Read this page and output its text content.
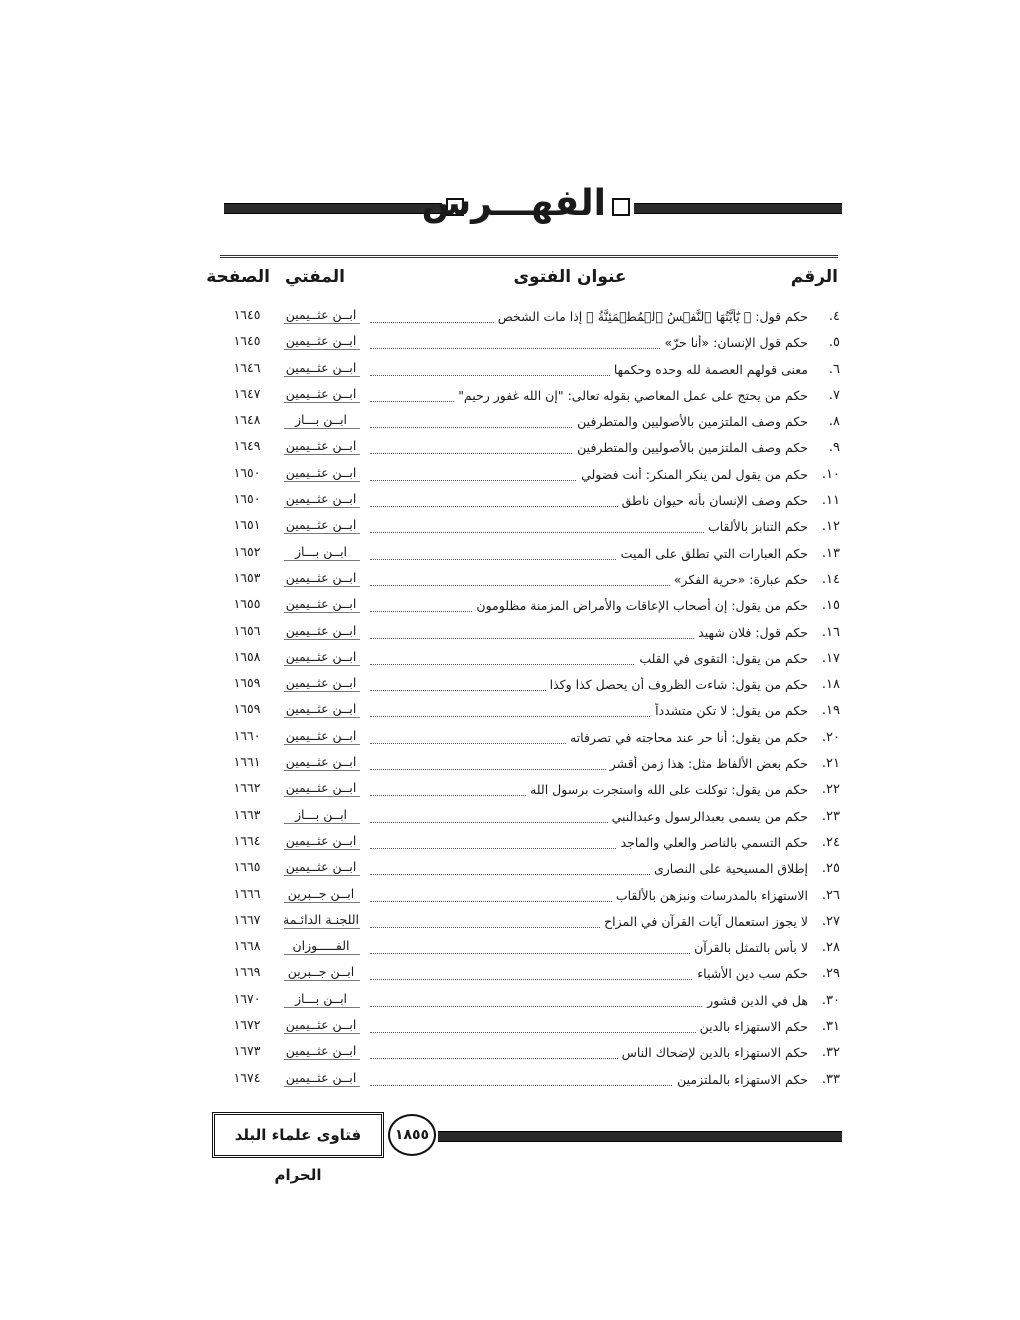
الفهـــرس
الرقم
عنوان الفتوى
المفتي
الصفحة
٤.
حكم قول: ﴿ يَٰٓأَيَّتُهَا ٱلنَّفۡسُ ٱلۡمُطۡمَئِنَّةُ ﴾ إذا مات الشخص
ابــن عثــيمين
١٦٤٥
٥.
حكم قول الإنسان: «أنا حرّ»
ابــن عثــيمين
١٦٤٥
٦.
معنى قولهم العصمة لله وحده وحكمها
ابــن عثــيمين
١٦٤٦
٧.
حكم من يحتج على عمل المعاصي بقوله تعالى: "إن الله غفور رحيم"
ابــن عثــيمين
١٦٤٧
٨.
حكم وصف الملتزمين بالأصوليين والمتطرفين
ابــن بـــاز
١٦٤٨
٩.
حكم وصف الملتزمين بالأصوليين والمتطرفين
ابــن عثــيمين
١٦٤٩
١٠.
حكم من يقول لمن ينكر المنكر: أنت فضولي
ابــن عثــيمين
١٦٥٠
١١.
حكم وصف الإنسان بأنه حيوان ناطق
ابــن عثــيمين
١٦٥٠
١٢.
حكم التنابز بالألقاب
ابــن عثــيمين
١٦٥١
١٣.
حكم العبارات التي تطلق على الميت
ابــن بـــاز
١٦٥٢
١٤.
حكم عبارة: «حرية الفكر»
ابــن عثــيمين
١٦٥٣
١٥.
حكم من يقول: إن أصحاب الإعاقات والأمراض المزمنة مظلومون
ابــن عثــيمين
١٦٥٥
١٦.
حكم قول: فلان شهيد
ابــن عثــيمين
١٦٥٦
١٧.
حكم من يقول: التقوى في القلب
ابــن عثــيمين
١٦٥٨
١٨.
حكم من يقول: شاءت الظروف أن يحصل كذا وكذا
ابــن عثــيمين
١٦٥٩
١٩.
حكم من يقول: لا تكن متشدداً
ابــن عثــيمين
١٦٥٩
٢٠.
حكم من يقول: أنا حر عند محاجته في تصرفاته
ابــن عثــيمين
١٦٦٠
٢١.
حكم بعض الألفاظ مثل: هذا زمن أقشر
ابــن عثــيمين
١٦٦١
٢٢.
حكم من يقول: توكلت على الله واستجرت برسول الله
ابــن عثــيمين
١٦٦٢
٢٣.
حكم من يسمى بعبدالرسول وعبدالنبي
ابــن بـــاز
١٦٦٣
٢٤.
حكم التسمي بالناصر والعلي والماجد
ابــن عثــيمين
١٦٦٤
٢٥.
إطلاق المسيحية على النصارى
ابــن عثــيمين
١٦٦٥
٢٦.
الاستهزاء بالمدرسات ونبزهن بالألقاب
ابــن جــبرين
١٦٦٦
٢٧.
لا يجوز استعمال آيات القرآن في المزاح
اللجنـة الدائـمة
١٦٦٧
٢٨.
لا بأس بالتمثل بالقرآن
الفـــــوزان
١٦٦٨
٢٩.
حكم سب دين الأشياء
ابــن جــبرين
١٦٦٩
٣٠.
هل في الدين قشور
ابــن بـــاز
١٦٧٠
٣١.
حكم الاستهزاء بالدين
ابــن عثــيمين
١٦٧٢
٣٢.
حكم الاستهزاء بالدين لإضحاك الناس
ابــن عثــيمين
١٦٧٣
٣٣.
حكم الاستهزاء بالملتزمين
ابــن عثــيمين
١٦٧٤
١٨٥٥
فتاوى علماء البلد الحرام
